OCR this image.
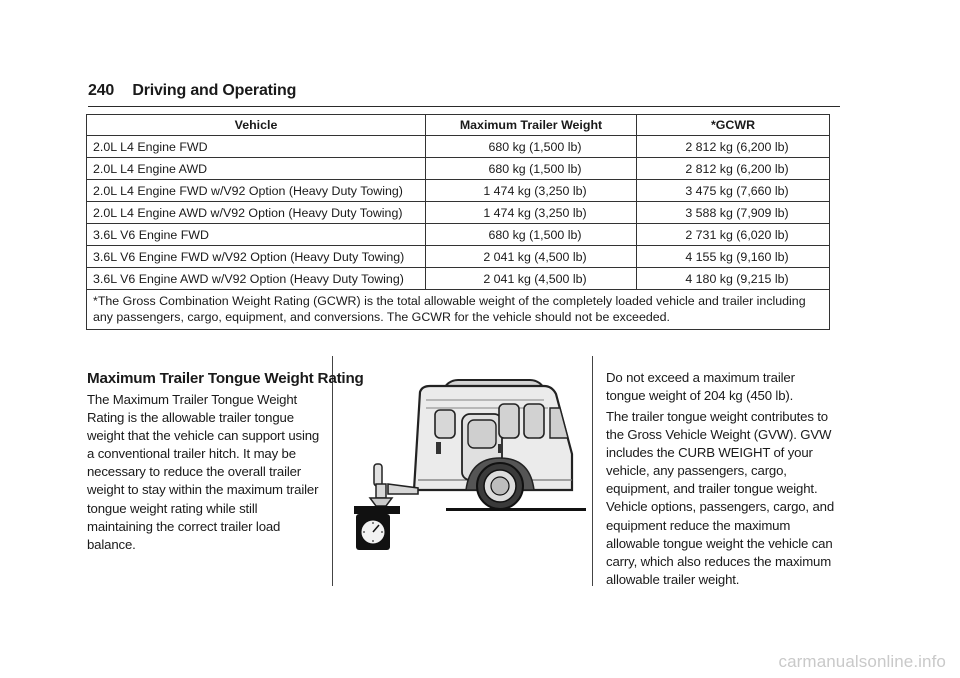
240 Driving and Operating
Vehicle	Maximum Trailer Weight	*GCWR
2.0L L4 Engine FWD	680 kg (1,500 lb)	2 812 kg (6,200 lb)
2.0L L4 Engine AWD	680 kg (1,500 lb)	2 812 kg (6,200 lb)
2.0L L4 Engine FWD w/V92 Option (Heavy Duty Towing)	1 474 kg (3,250 lb)	3 475 kg (7,660 lb)
2.0L L4 Engine AWD w/V92 Option (Heavy Duty Towing)	1 474 kg (3,250 lb)	3 588 kg (7,909 lb)
3.6L V6 Engine FWD	680 kg (1,500 lb)	2 731 kg (6,020 lb)
3.6L V6 Engine FWD w/V92 Option (Heavy Duty Towing)	2 041 kg (4,500 lb)	4 155 kg (9,160 lb)
3.6L V6 Engine AWD w/V92 Option (Heavy Duty Towing)	2 041 kg (4,500 lb)	4 180 kg (9,215 lb)
*The Gross Combination Weight Rating (GCWR) is the total allowable weight of the completely loaded vehicle and trailer including any passengers, cargo, equipment, and conversions. The GCWR for the vehicle should not be exceeded.		
Maximum Trailer Tongue Weight Rating

The Maximum Trailer Tongue Weight Rating is the allowable trailer tongue weight that the vehicle can support using a conventional trailer hitch. It may be necessary to reduce the overall trailer weight to stay within the maximum trailer tongue weight rating while still maintaining the correct trailer load balance.

Do not exceed a maximum trailer tongue weight of 204 kg (450 lb).

The trailer tongue weight contributes to the Gross Vehicle Weight (GVW). GVW includes the CURB WEIGHT of your vehicle, any passengers, cargo, equipment, and trailer tongue weight. Vehicle options, passengers, cargo, and equipment reduce the maximum allowable tongue weight the vehicle can carry, which also reduces the maximum allowable trailer weight.

carmanualsonline.info
